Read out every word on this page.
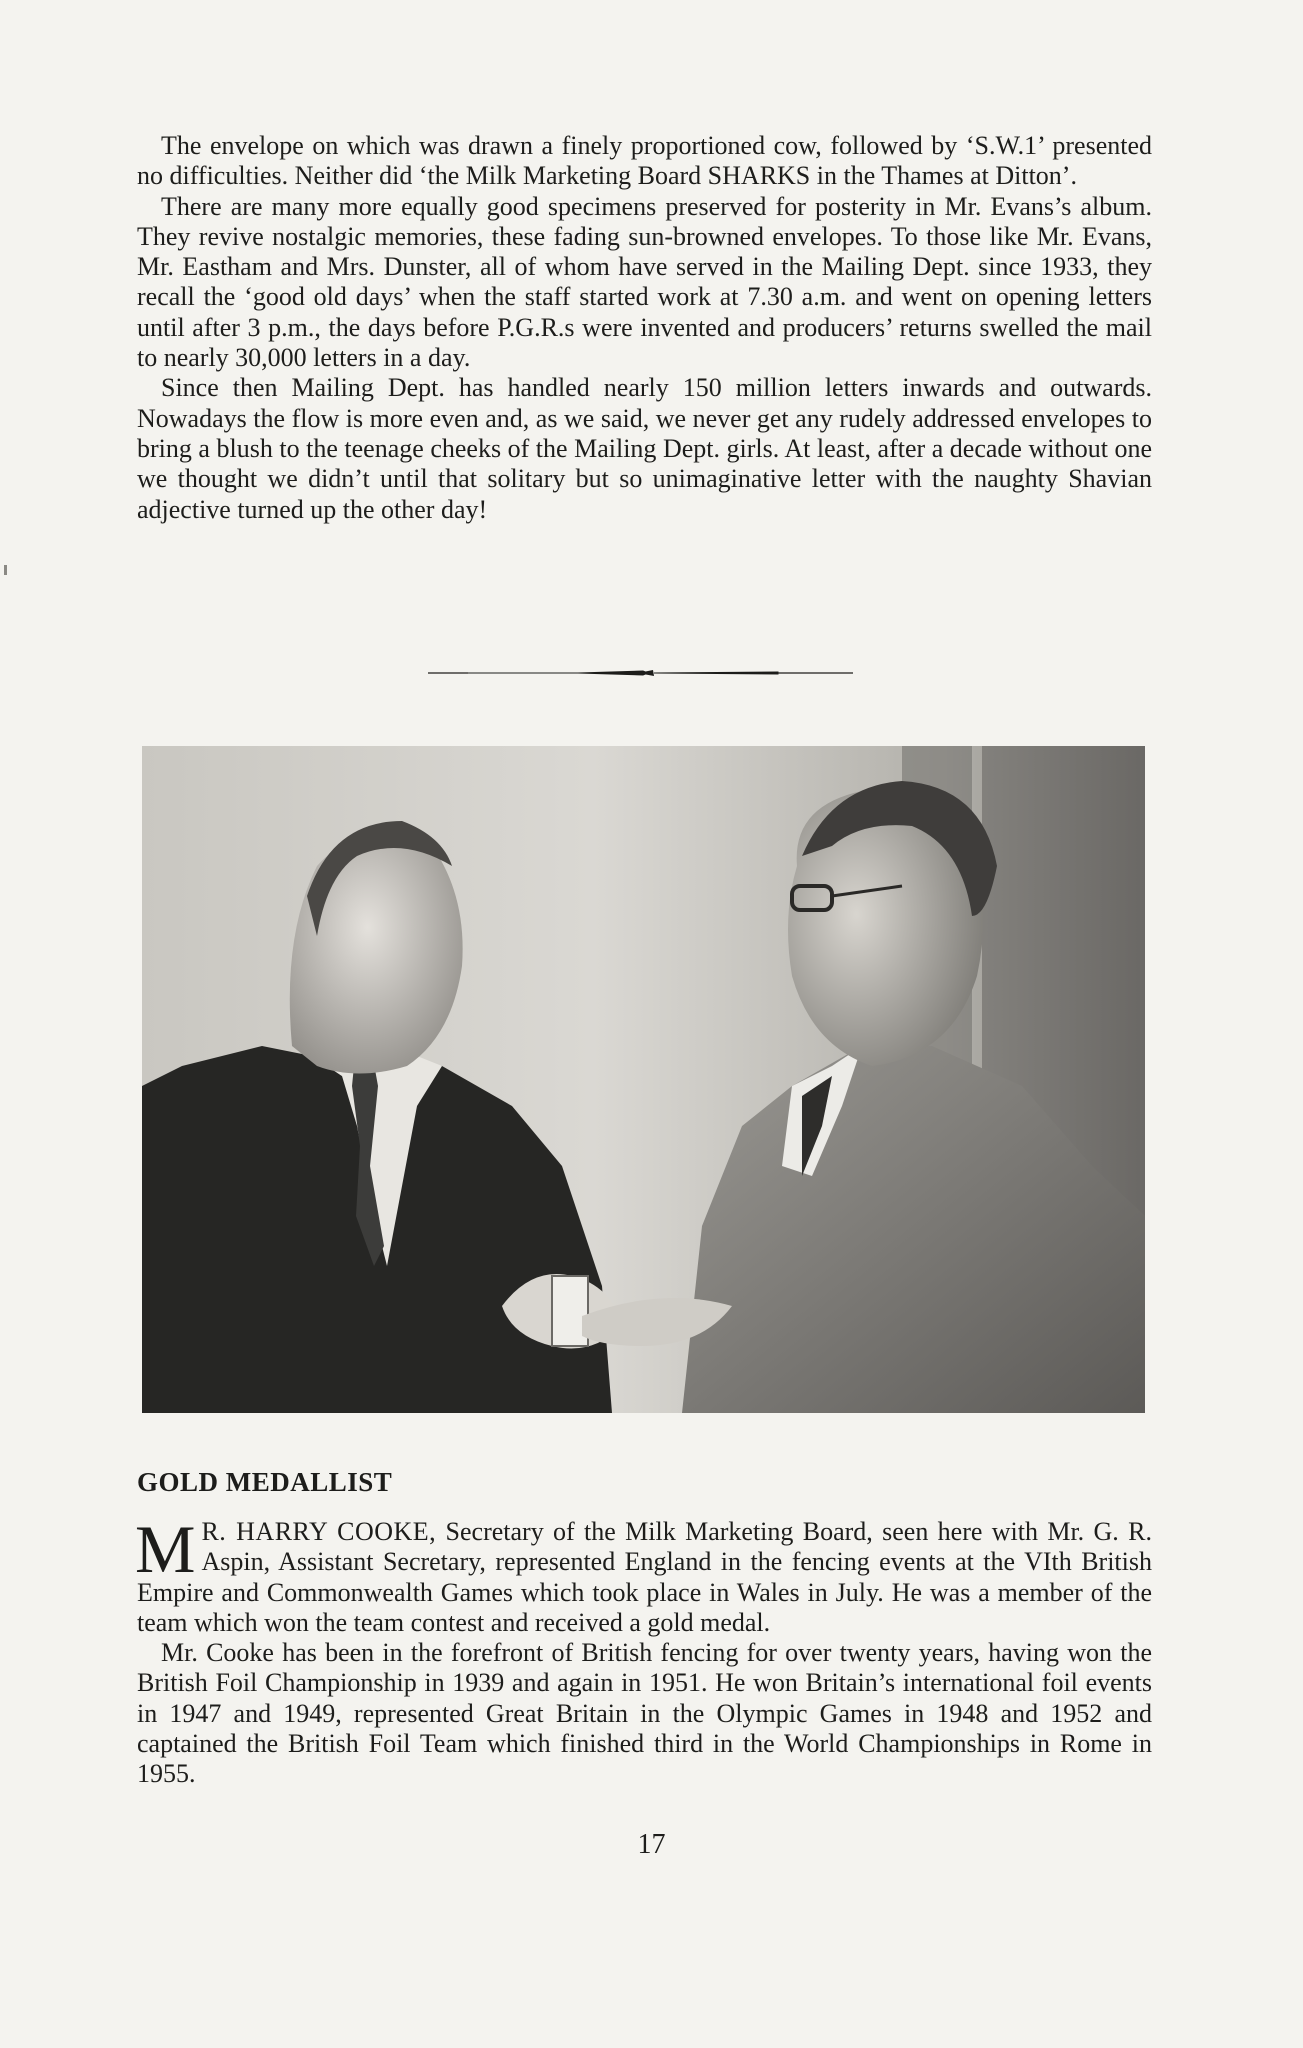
The envelope on which was drawn a finely proportioned cow, followed by ‘S.W.1’ presented no difficulties. Neither did ‘the Milk Marketing Board SHARKS in the Thames at Ditton’.

There are many more equally good specimens preserved for posterity in Mr. Evans’s album. They revive nostalgic memories, these fading sun-browned envelopes. To those like Mr. Evans, Mr. Eastham and Mrs. Dunster, all of whom have served in the Mailing Dept. since 1933, they recall the ‘good old days’ when the staff started work at 7.30 a.m. and went on opening letters until after 3 p.m., the days before P.G.R.s were invented and producers’ returns swelled the mail to nearly 30,000 letters in a day.

Since then Mailing Dept. has handled nearly 150 million letters inwards and outwards. Nowadays the flow is more even and, as we said, we never get any rudely addressed envelopes to bring a blush to the teenage cheeks of the Mailing Dept. girls. At least, after a decade without one we thought we didn’t until that solitary but so unimaginative letter with the naughty Shavian adjective turned up the other day!

GOLD MEDALLIST

M R. HARRY COOKE, Secretary of the Milk Marketing Board, seen here with Mr. G. R. Aspin, Assistant Secretary, represented England in the fencing events at the VIth British Empire and Commonwealth Games which took place in Wales in July. He was a member of the team which won the team contest and received a gold medal.

Mr. Cooke has been in the forefront of British fencing for over twenty years, having won the British Foil Championship in 1939 and again in 1951. He won Britain’s international foil events in 1947 and 1949, represented Great Britain in the Olympic Games in 1948 and 1952 and captained the British Foil Team which finished third in the World Championships in Rome in 1955.

17
